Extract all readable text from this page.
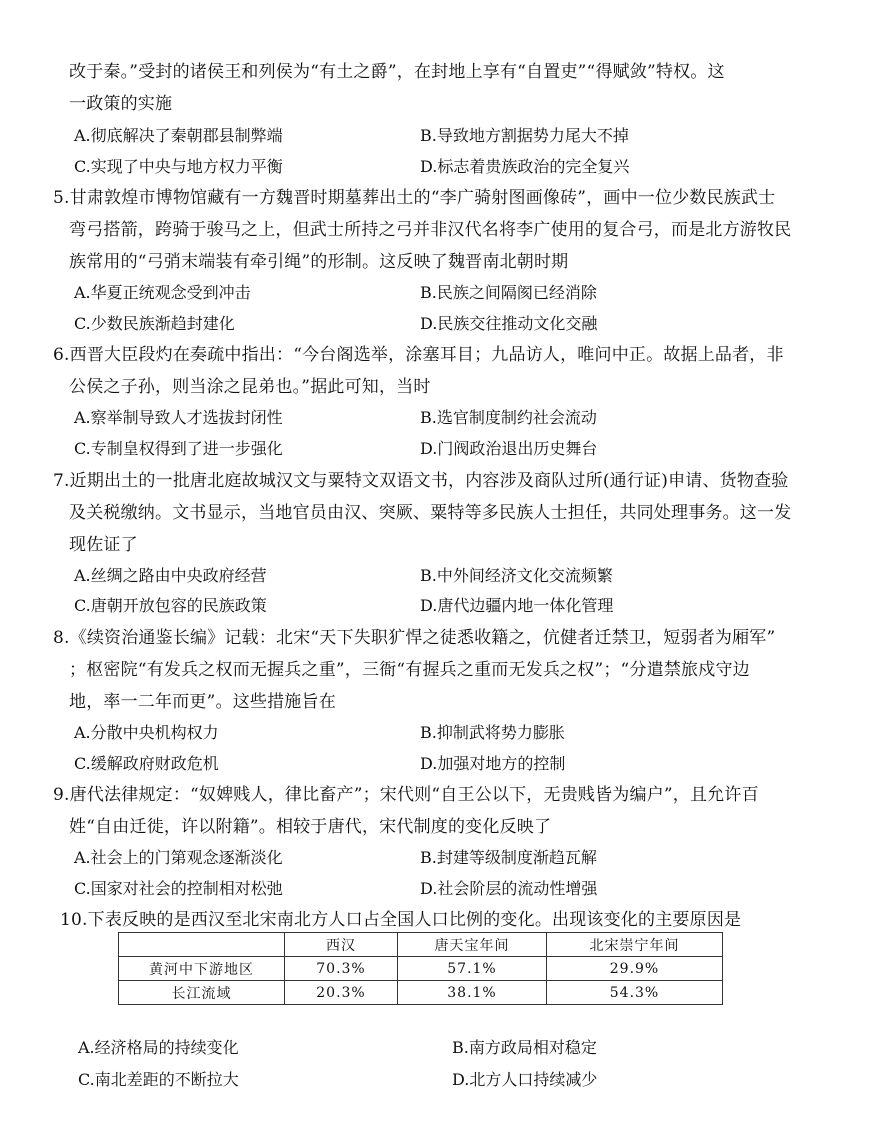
改于秦。”受封的诸侯王和列侯为“有土之爵”，在封地上享有“自置吏”“得赋敛”特权。这
一政策的实施
A.彻底解决了秦朝郡县制弊端	B.导致地方割据势力尾大不掉
C.实现了中央与地方权力平衡	D.标志着贵族政治的完全复兴
5.甘肃敦煌市博物馆藏有一方魏晋时期墓葬出土的“李广骑射图画像砖”，画中一位少数民族武士
弯弓搭箭，跨骑于骏马之上，但武士所持之弓并非汉代名将李广使用的复合弓，而是北方游牧民
族常用的“弓弰末端装有牵引绳”的形制。这反映了魏晋南北朝时期
A.华夏正统观念受到冲击	B.民族之间隔阂已经消除
C.少数民族渐趋封建化	D.民族交往推动文化交融
6.西晋大臣段灼在奏疏中指出：“今台阁选举，涂塞耳目；九品访人，唯问中正。故据上品者，非
公侯之子孙，则当涂之昆弟也。”据此可知，当时
A.察举制导致人才选拔封闭性	B.选官制度制约社会流动
C.专制皇权得到了进一步强化	D.门阀政治退出历史舞台
7.近期出土的一批唐北庭故城汉文与粟特文双语文书，内容涉及商队过所(通行证)申请、货物查验
及关税缴纳。文书显示，当地官员由汉、突厥、粟特等多民族人士担任，共同处理事务。这一发
现佐证了
A.丝绸之路由中央政府经营	B.中外间经济文化交流频繁
C.唐朝开放包容的民族政策	D.唐代边疆内地一体化管理
8.《续资治通鉴长编》记载：北宋“天下失职犷悍之徒悉收籍之，伉健者迁禁卫，短弱者为厢军”
；枢密院“有发兵之权而无握兵之重”，三衙“有握兵之重而无发兵之权”；“分遣禁旅戍守边
地，率一二年而更”。这些措施旨在
A.分散中央机构权力	B.抑制武将势力膨胀
C.缓解政府财政危机	D.加强对地方的控制
9.唐代法律规定：“奴婢贱人，律比畜产”；宋代则“自王公以下，无贵贱皆为编户”，且允许百
姓“自由迁徙，许以附籍”。相较于唐代，宋代制度的变化反映了
A.社会上的门第观念逐渐淡化	B.封建等级制度渐趋瓦解
C.国家对社会的控制相对松弛	D.社会阶层的流动性增强
10.下表反映的是西汉至北宋南北方人口占全国人口比例的变化。出现该变化的主要原因是
	西汉	唐天宝年间	北宋崇宁年间
黄河中下游地区	70.3%	57.1%	29.9%
长江流域	20.3%	38.1%	54.3%
A.经济格局的持续变化	B.南方政局相对稳定
C.南北差距的不断拉大	D.北方人口持续减少
